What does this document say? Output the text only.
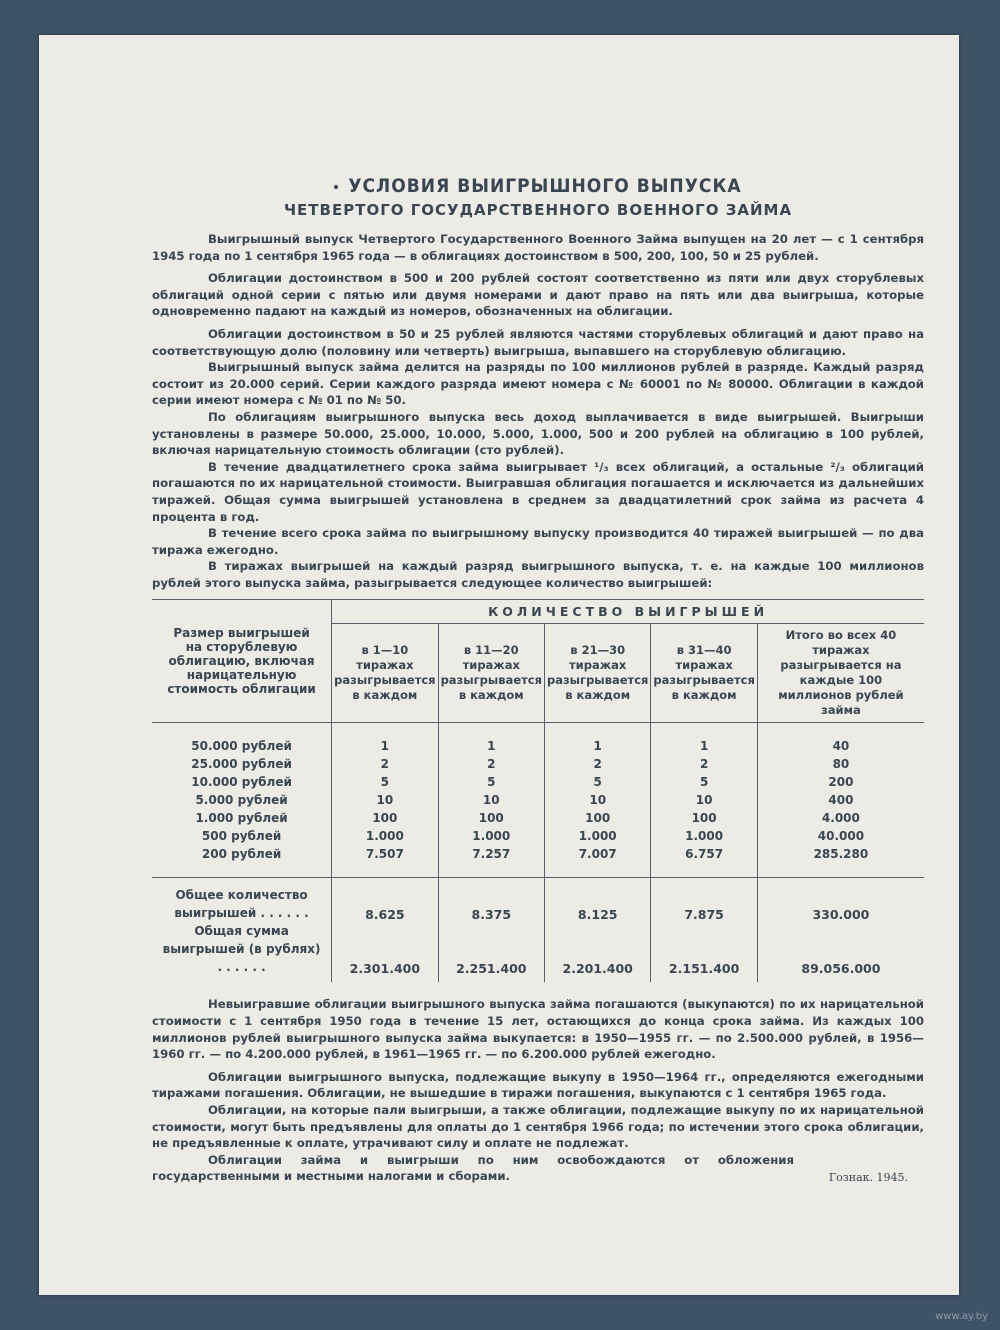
УСЛОВИЯ ВЫИГРЫШНОГО ВЫПУСКА
ЧЕТВЕРТОГО ГОСУДАРСТВЕННОГО ВОЕННОГО ЗАЙМА

Выигрышный выпуск Четвертого Государственного Военного Займа выпущен на 20 лет — с 1 сентября 1945 года по 1 сентября 1965 года — в облигациях достоинством в 500, 200, 100, 50 и 25 рублей.

Облигации достоинством в 500 и 200 рублей состоят соответственно из пяти или двух сторублевых облигаций одной серии с пятью или двумя номерами и дают право на пять или два выигрыша, которые одновременно падают на каждый из номеров, обозначенных на облигации.

Облигации достоинством в 50 и 25 рублей являются частями сторублевых облигаций и дают право на соответствующую долю (половину или четверть) выигрыша, выпавшего на сторублевую облигацию.

Выигрышный выпуск займа делится на разряды по 100 миллионов рублей в разряде. Каждый разряд состоит из 20.000 серий. Серии каждого разряда имеют номера с № 60001 по № 80000. Облигации в каждой серии имеют номера с № 01 по № 50.

По облигациям выигрышного выпуска весь доход выплачивается в виде выигрышей. Выигрыши установлены в размере 50.000, 25.000, 10.000, 5.000, 1.000, 500 и 200 рублей на облигацию в 100 рублей, включая нарицательную стоимость облигации (сто рублей).

В течение двадцатилетнего срока займа выигрывает ¹/₃ всех облигаций, а остальные ²/₃ облигаций погашаются по их нарицательной стоимости. Выигравшая облигация погашается и исключается из дальнейших тиражей. Общая сумма выигрышей установлена в среднем за двадцатилетний срок займа из расчета 4 процента в год.

В течение всего срока займа по выигрышному выпуску производится 40 тиражей выигрышей — по два тиража ежегодно.

В тиражах выигрышей на каждый разряд выигрышного выпуска, т. е. на каждые 100 миллионов рублей этого выпуска займа, разыгрывается следующее количество выигрышей:

Размер выигрышей на сторублевую облигацию, включая нарицательную стоимость облигации	КОЛИЧЕСТВО ВЫИГРЫШЕЙ				
	в 1—10 тиражах разыгрывается в каждом	в 11—20 тиражах разыгрывается в каждом	в 21—30 тиражах разыгрывается в каждом	в 31—40 тиражах разыгрывается в каждом	Итого во всех 40 тиражах разыгрывается на каждые 100 миллионов рублей займа

50.000 рублей	1	1	1	1	40
25.000 рублей	2	2	2	2	80
10.000 рублей	5	5	5	5	200
5.000 рублей	10	10	10	10	400
1.000 рублей	100	100	100	100	4.000
500 рублей	1.000	1.000	1.000	1.000	40.000
200 рублей	7.507	7.257	7.007	6.757	285.280

Общее количество выигрышей . . . . . .	8.625	8.375	8.125	7.875	330.000
Общая сумма выигрышей (в рублях) . . . . . .	2.301.400	2.251.400	2.201.400	2.151.400	89.056.000

Невыигравшие облигации выигрышного выпуска займа погашаются (выкупаются) по их нарицательной стоимости с 1 сентября 1950 года в течение 15 лет, остающихся до конца срока займа. Из каждых 100 миллионов рублей выигрышного выпуска займа выкупается: в 1950—1955 гг. — по 2.500.000 рублей, в 1956—1960 гг. — по 4.200.000 рублей, в 1961—1965 гг. — по 6.200.000 рублей ежегодно.

Облигации выигрышного выпуска, подлежащие выкупу в 1950—1964 гг., определяются ежегодными тиражами погашения. Облигации, не вышедшие в тиражи погашения, выкупаются с 1 сентября 1965 года.

Облигации, на которые пали выигрыши, а также облигации, подлежащие выкупу по их нарицательной стоимости, могут быть предъявлены для оплаты до 1 сентября 1966 года; по истечении этого срока облигации, не предъявленные к оплате, утрачивают силу и оплате не подлежат.

Облигации займа и выигрыши по ним освобождаются от обложения государственными и местными налогами и сборами.	Гознак. 1945.
www.ay.by
